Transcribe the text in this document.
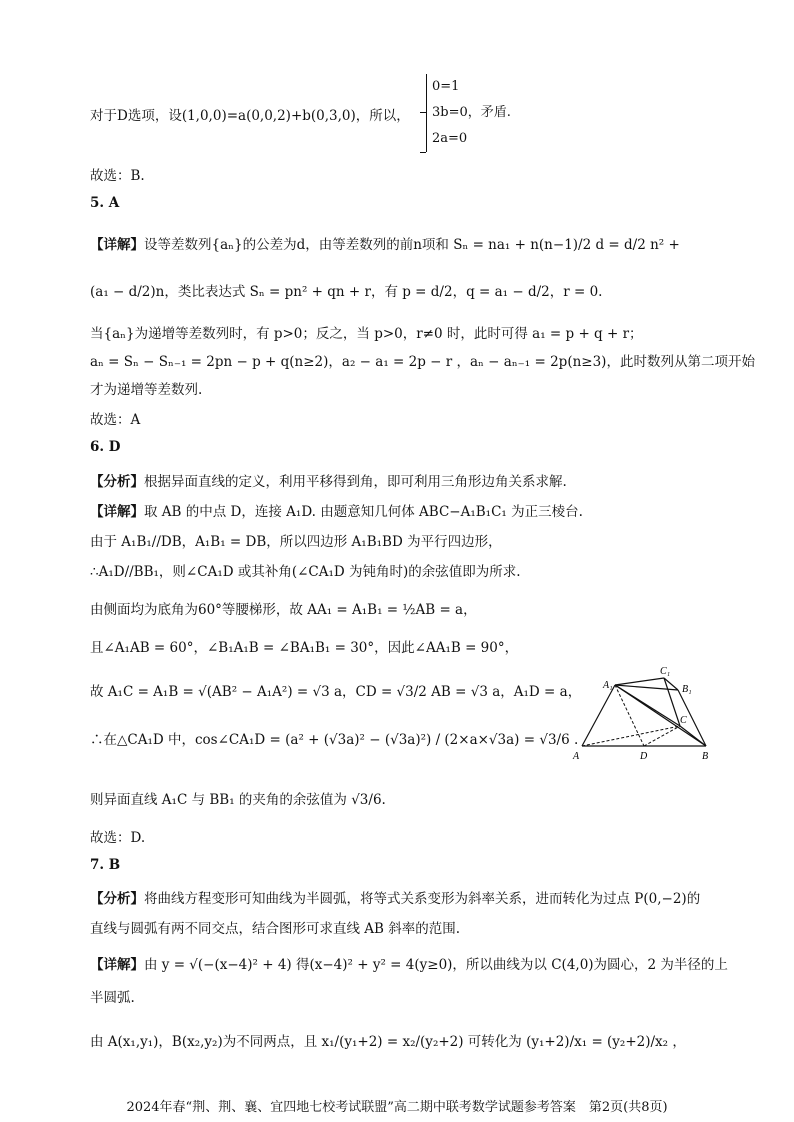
对于D选项，设(1,0,0)=a(0,0,2)+b(0,3,0)，所以，
0=1
3b=0，矛盾.
2a=0
故选：B.
5. A
【详解】设等差数列{aₙ}的公差为d，由等差数列的前n项和 Sₙ = na₁ + n(n−1)/2 d = d/2 n² +
(a₁ − d/2)n，类比表达式 Sₙ = pn² + qn + r，有 p = d/2，q = a₁ − d/2，r = 0.
当{aₙ}为递增等差数列时，有 p>0；反之，当 p>0，r≠0 时，此时可得 a₁ = p + q + r；
aₙ = Sₙ − Sₙ₋₁ = 2pn − p + q(n≥2)，a₂ − a₁ = 2p − r ，aₙ − aₙ₋₁ = 2p(n≥3)，此时数列从第二项开始
才为递增等差数列.
故选：A
6. D
【分析】根据异面直线的定义，利用平移得到角，即可利用三角形边角关系求解.
【详解】取 AB 的中点 D，连接 A₁D. 由题意知几何体 ABC−A₁B₁C₁ 为正三棱台.
由于 A₁B₁//DB，A₁B₁ = DB，所以四边形 A₁B₁BD 为平行四边形，
∴A₁D//BB₁，则∠CA₁D 或其补角(∠CA₁D 为钝角时)的余弦值即为所求.
由侧面均为底角为60°等腰梯形，故 AA₁ = A₁B₁ = ½AB = a，
且∠A₁AB = 60°，∠B₁A₁B = ∠BA₁B₁ = 30°，因此∠AA₁B = 90°，
故 A₁C = A₁B = √(AB² − A₁A²) = √3 a，CD = √3/2 AB = √3 a，A₁D = a，
∴在△CA₁D 中，cos∠CA₁D = (a² + (√3a)² − (√3a)²) / (2×a×√3a) = √3/6 .
则异面直线 A₁C 与 BB₁ 的夹角的余弦值为 √3/6.
故选：D.
7. B
【分析】将曲线方程变形可知曲线为半圆弧，将等式关系变形为斜率关系，进而转化为过点 P(0,−2)的
直线与圆弧有两不同交点，结合图形可求直线 AB 斜率的范围.
【详解】由 y = √(−(x−4)² + 4) 得(x−4)² + y² = 4(y≥0)，所以曲线为以 C(4,0)为圆心，2 为半径的上
半圆弧.
由 A(x₁,y₁)，B(x₂,y₂)为不同两点，且 x₁/(y₁+2) = x₂/(y₂+2) 可转化为 (y₁+2)/x₁ = (y₂+2)/x₂ ，
A₁
C₁
B₁
C
A	D	B
2024年春“荆、荆、襄、宜四地七校考试联盟”高二期中联考数学试题参考答案　第2页(共8页)
